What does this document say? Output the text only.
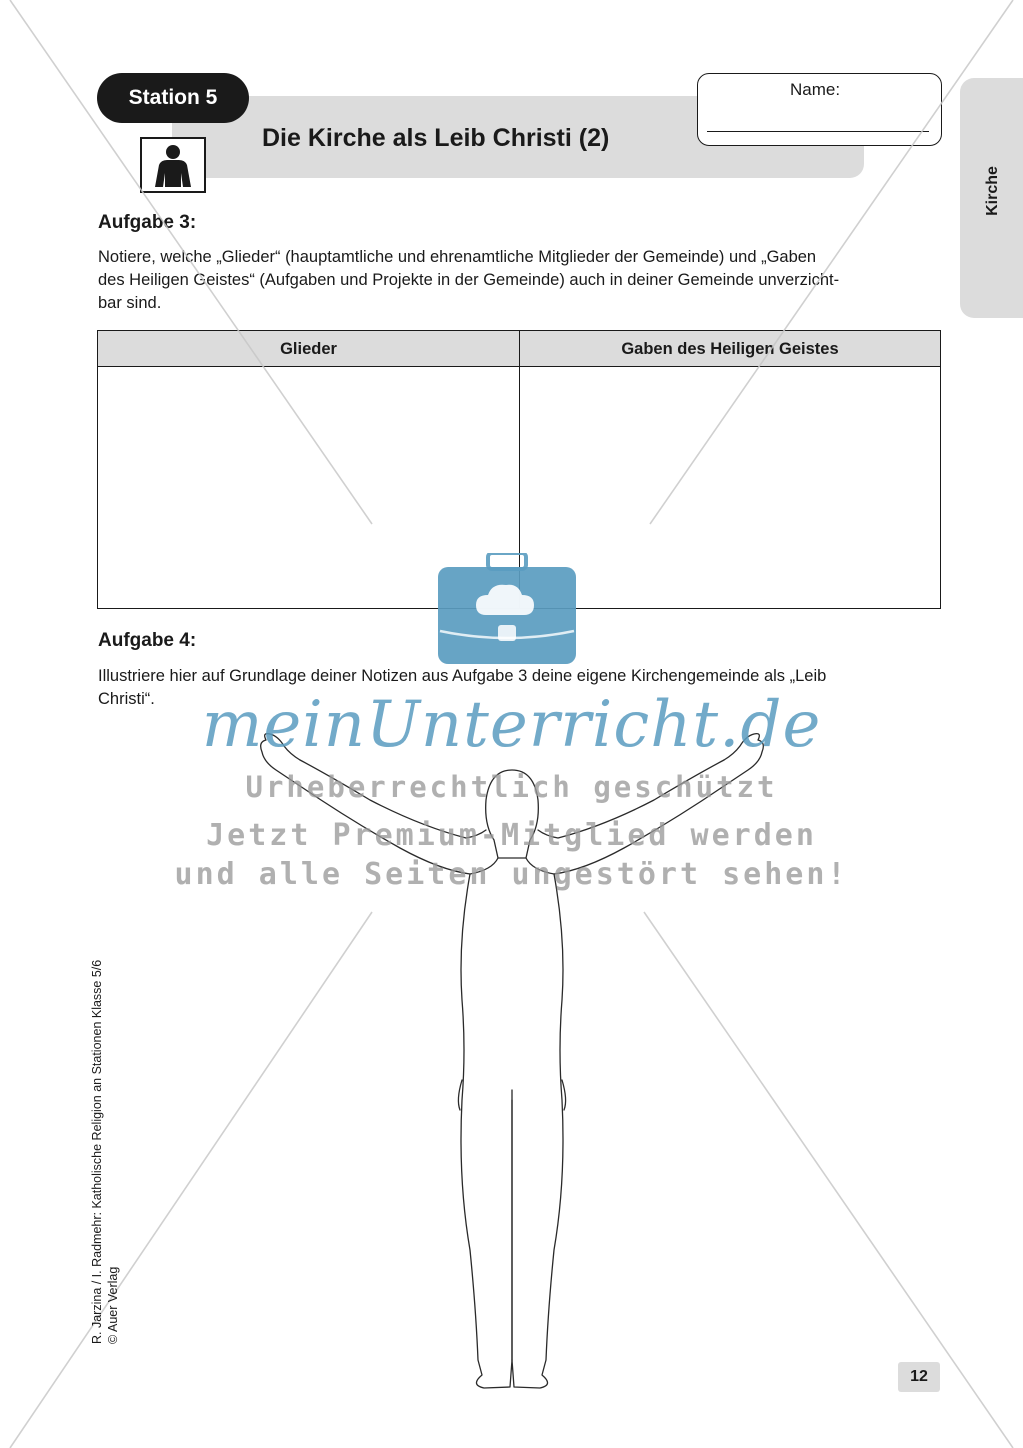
Station 5
Die Kirche als Leib Christi (2)
Name:
Kirche
Aufgabe 3:
Notiere, welche „Glieder“ (hauptamtliche und ehrenamtliche Mitglieder der Gemeinde) und „Gaben
des Heiligen Geistes“ (Aufgaben und Projekte in der Gemeinde) auch in deiner Gemeinde unverzicht-
bar sind.
Glieder	Gaben des Heiligen Geistes
Aufgabe 4:
Illustriere hier auf Grundlage deiner Notizen aus Aufgabe 3 deine eigene Kirchengemeinde als „Leib
Christi“. meinUnterricht.de
Urheberrechtlich geschützt
Jetzt Premium-Mitglied werden
und alle Seiten ungestört sehen!
R. Jarzina / I. Radmehr: Katholische Religion an Stationen Klasse 5/6 © Auer Verlag
12
